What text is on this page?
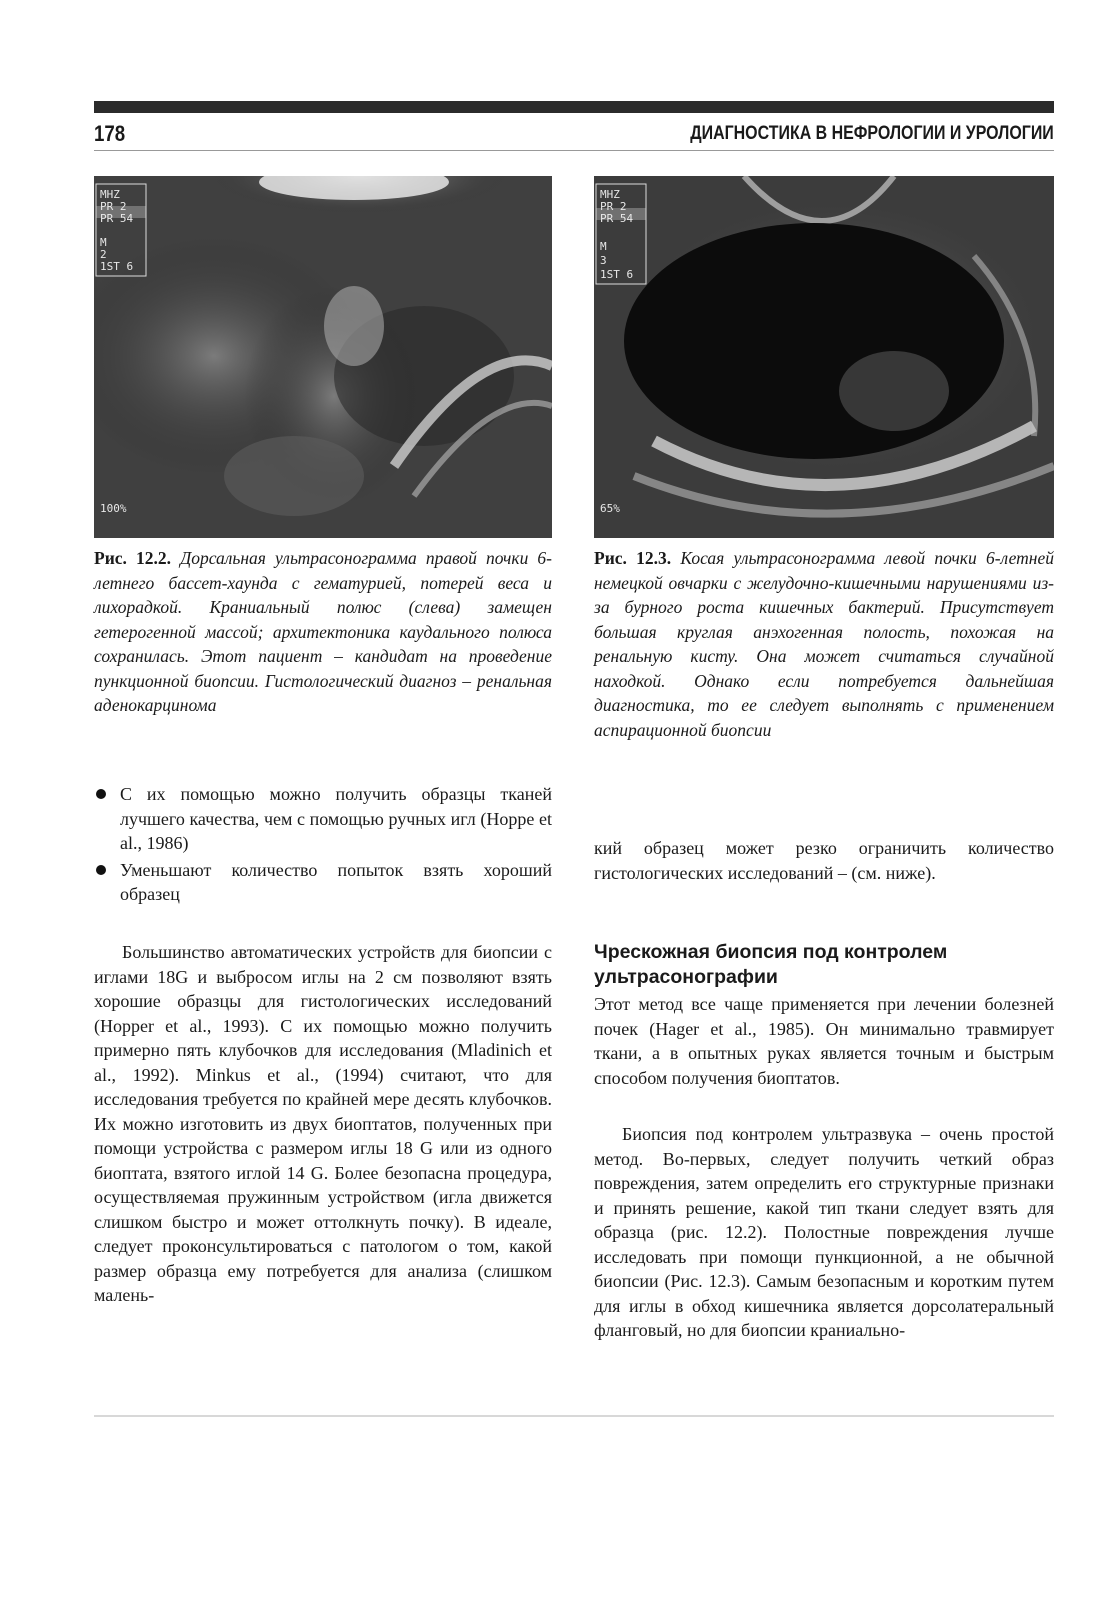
178	ДИАГНОСТИКА В НЕФРОЛОГИИ И УРОЛОГИИ
MHZ
PR 2
PR 54
M
2
1ST 6
100%
MHZ
PR 2
PR 54
M
3
1ST 6
65%
Рис. 12.2. Дорсальная ультрасонограмма правой почки 6-летнего бассет-хаунда с гематурией, потерей веса и лихорадкой. Краниальный полюс (слева) замещен гетерогенной массой; архитектоника каудального полюса сохранилась. Этот пациент – кандидат на проведение пункционной биопсии. Гистологический диагноз – ренальная аденокарцинома
Рис. 12.3. Косая ультрасонограмма левой почки 6-летней немецкой овчарки с желудочно-кишечными нарушениями из-за бурного роста кишечных бактерий. Присутствует большая круглая анэхогенная полость, похожая на ренальную кисту. Она может считаться случайной находкой. Однако если потребуется дальнейшая диагностика, то ее следует выполнять с применением аспирационной биопсии
С их помощью можно получить образцы тканей лучшего качества, чем с помощью ручных игл (Hoppe et al., 1986)
Уменьшают количество попыток взять хороший образец

Большинство автоматических устройств для биопсии с иглами 18G и выбросом иглы на 2 см позволяют взять хорошие образцы для гистологических исследований (Hopper et al., 1993). С их помощью можно получить примерно пять клубочков для исследования (Mladinich et al., 1992). Minkus et al., (1994) считают, что для исследования требуется по крайней мере десять клубочков. Их можно изготовить из двух биоптатов, полученных при помощи устройства с размером иглы 18 G или из одного биоптата, взятого иглой 14 G. Более безопасна процедура, осуществляемая пружинным устройством (игла движется слишком быстро и может оттолкнуть почку). В идеале, следует проконсультироваться с патологом о том, какой размер образца ему потребуется для анализа (слишком малень-

кий образец может резко ограничить количество гистологических исследований – (см. ниже).

Чрескожная биопсия под контролем ультрасонографии

Этот метод все чаще применяется при лечении болезней почек (Hager et al., 1985). Он минимально травмирует ткани, а в опытных руках является точным и быстрым способом получения биоптатов.

Биопсия под контролем ультразвука – очень простой метод. Во-первых, следует получить четкий образ повреждения, затем определить его структурные признаки и принять решение, какой тип ткани следует взять для образца (рис. 12.2). Полостные повреждения лучше исследовать при помощи пункционной, а не обычной биопсии (Рис. 12.3). Самым безопасным и коротким путем для иглы в обход кишечника является дорсолатеральный фланговый, но для биопсии краниально-
